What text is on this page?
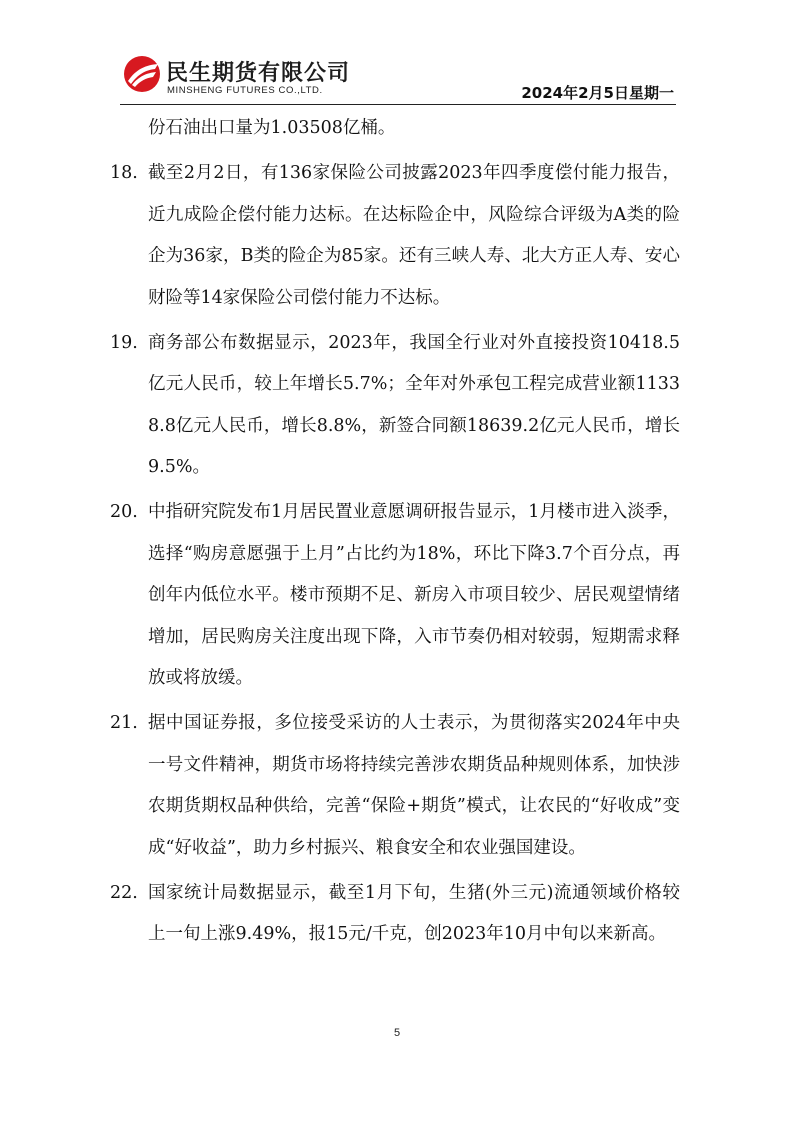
民生期货有限公司
MINSHENG FUTURES CO.,LTD.	2024年2月5日星期一

份石油出口量为1.03508亿桶。

18. 截至2月2日，有136家保险公司披露2023年四季度偿付能力报告，近九成险企偿付能力达标。在达标险企中，风险综合评级为A类的险企为36家，B类的险企为85家。还有三峡人寿、北大方正人寿、安心财险等14家保险公司偿付能力不达标。

19. 商务部公布数据显示，2023年，我国全行业对外直接投资10418.5亿元人民币，较上年增长5.7%；全年对外承包工程完成营业额11338.8亿元人民币，增长8.8%，新签合同额18639.2亿元人民币，增长9.5%。

20. 中指研究院发布1月居民置业意愿调研报告显示，1月楼市进入淡季，选择“购房意愿强于上月”占比约为18%，环比下降3.7个百分点，再创年内低位水平。楼市预期不足、新房入市项目较少、居民观望情绪增加，居民购房关注度出现下降，入市节奏仍相对较弱，短期需求释放或将放缓。

21. 据中国证券报，多位接受采访的人士表示，为贯彻落实2024年中央一号文件精神，期货市场将持续完善涉农期货品种规则体系，加快涉农期货期权品种供给，完善“保险+期货”模式，让农民的“好收成”变成“好收益”，助力乡村振兴、粮食安全和农业强国建设。

22. 国家统计局数据显示，截至1月下旬，生猪(外三元)流通领域价格较上一旬上涨9.49%，报15元/千克，创2023年10月中旬以来新高。

5
